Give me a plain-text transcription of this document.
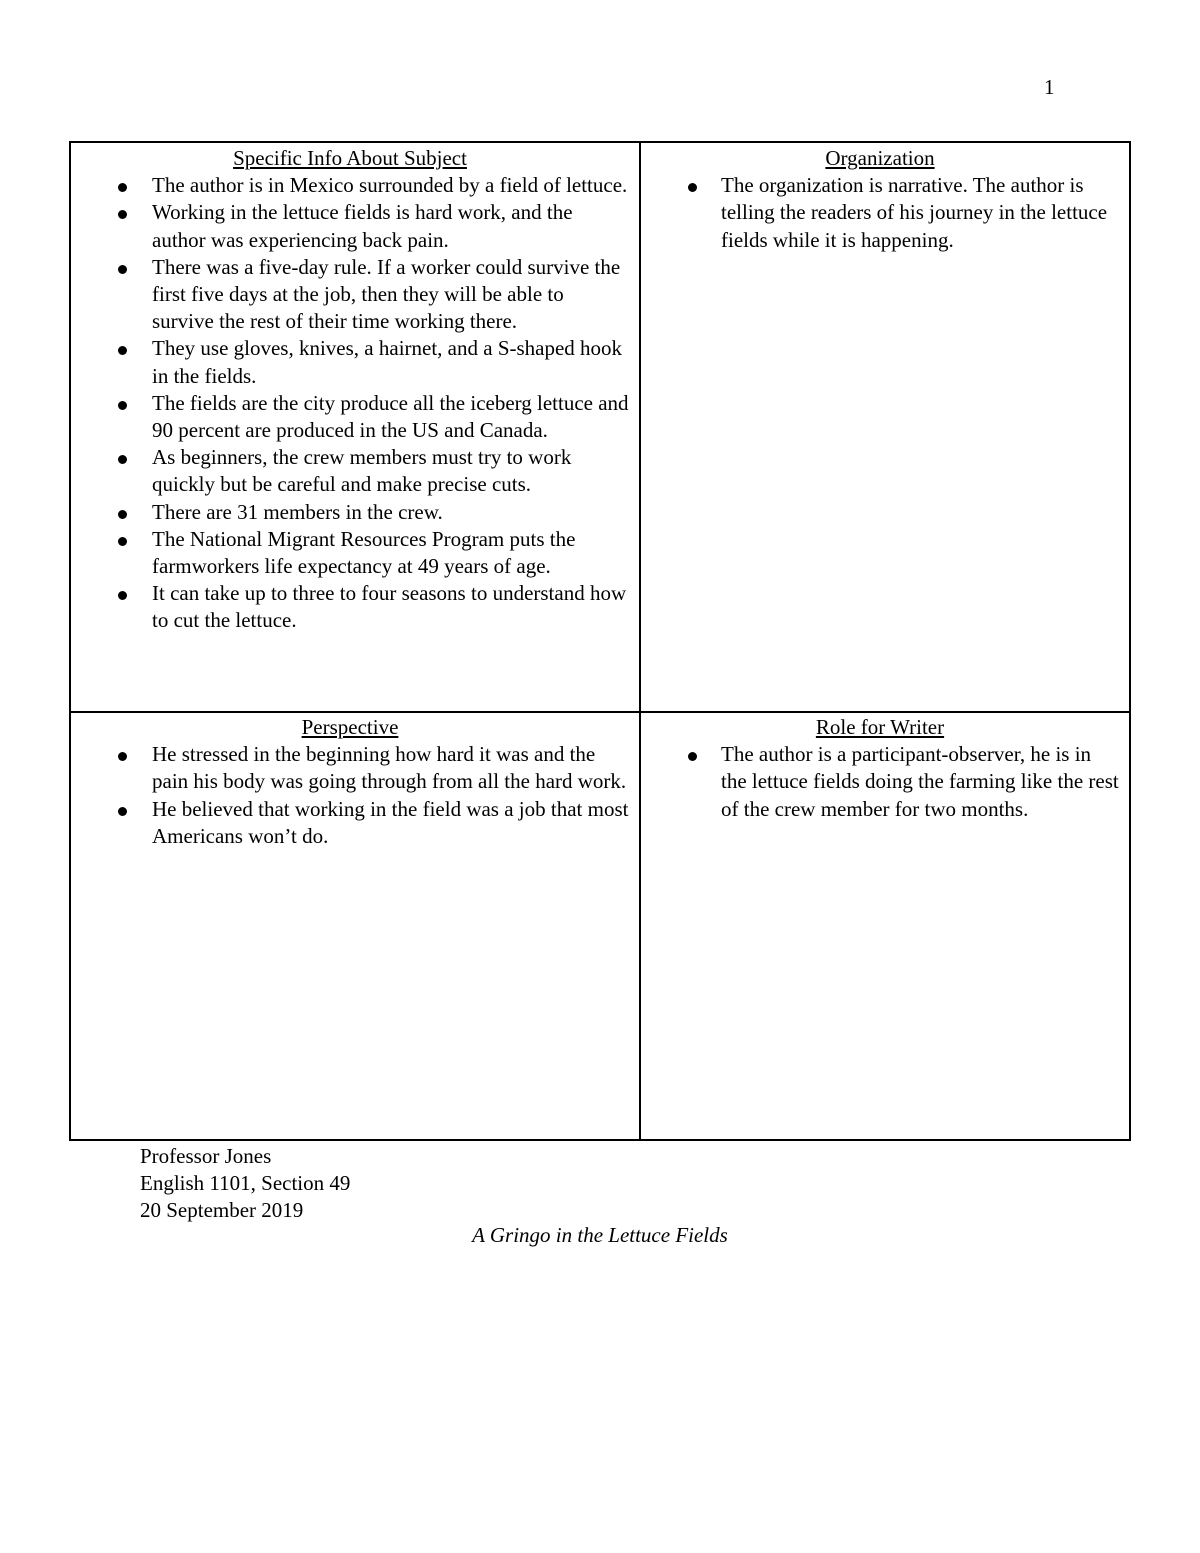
1
Specific Info About Subject
The author is in Mexico surrounded by a field of lettuce.
Working in the lettuce fields is hard work, and the author was experiencing back pain.
There was a five-day rule. If a worker could survive the first five days at the job, then they will be able to survive the rest of their time working there.
They use gloves, knives, a hairnet, and a S-shaped hook in the fields.
The fields are the city produce all the iceberg lettuce and 90 percent are produced in the US and Canada.
As beginners, the crew members must try to work quickly but be careful and make precise cuts.
There are 31 members in the crew.
The National Migrant Resources Program puts the farmworkers life expectancy at 49 years of age.
It can take up to three to four seasons to understand how to cut the lettuce.
Organization
The organization is narrative. The author is telling the readers of his journey in the lettuce fields while it is happening.
Perspective
He stressed in the beginning how hard it was and the pain his body was going through from all the hard work.
He believed that working in the field was a job that most Americans won’t do.
Role for Writer
The author is a participant-observer, he is in the lettuce fields doing the farming like the rest of the crew member for two months.
Professor Jones
English 1101, Section 49
20 September 2019
A Gringo in the Lettuce Fields
